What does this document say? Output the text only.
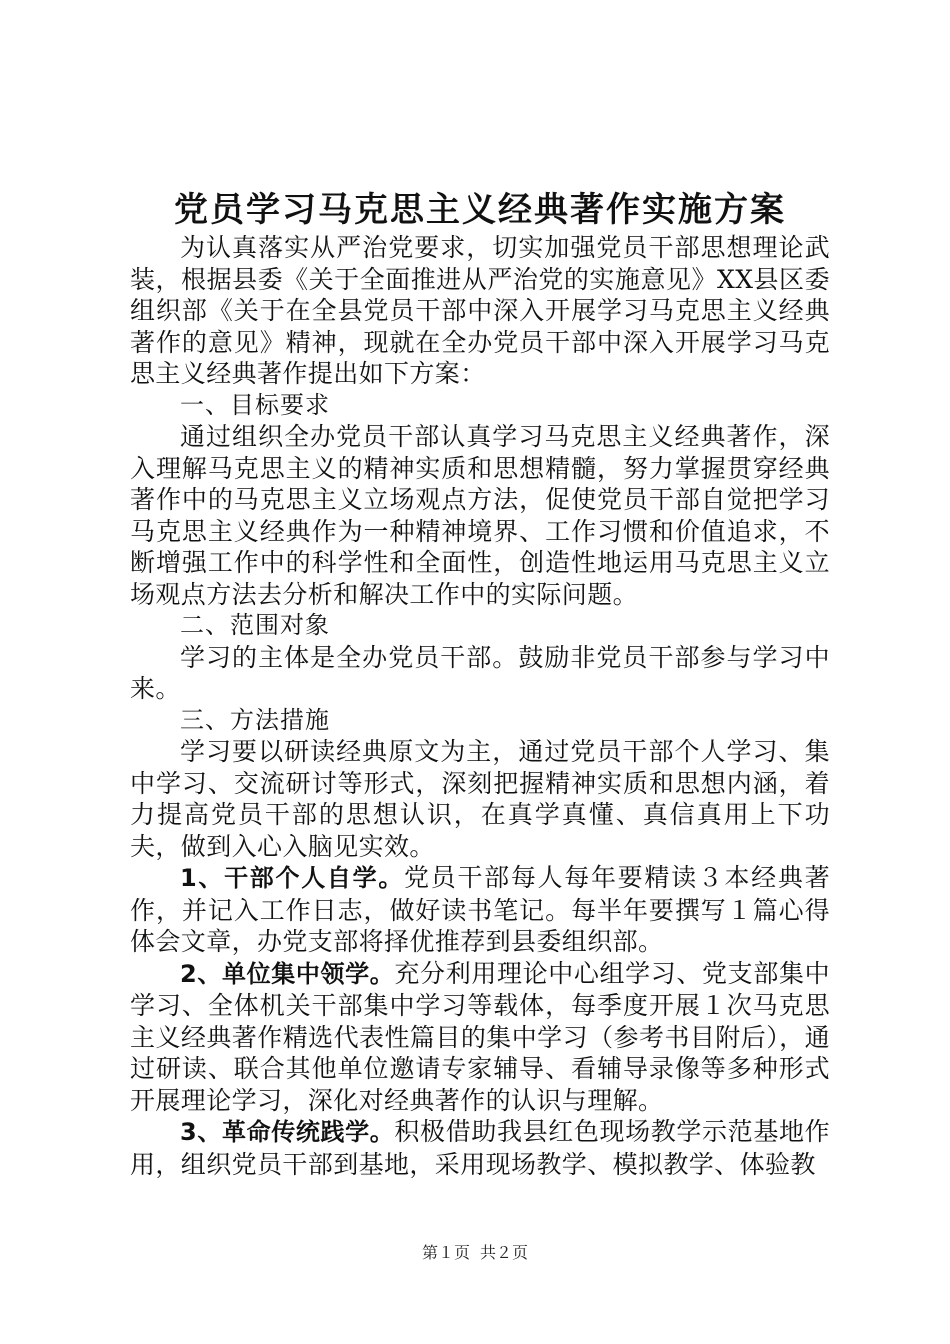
党员学习马克思主义经典著作实施方案

为认真落实从严治党要求，切实加强党员干部思想理论武装，根据县委《关于全面推进从严治党的实施意见》XX县区委组织部《关于在全县党员干部中深入开展学习马克思主义经典著作的意见》精神，现就在全办党员干部中深入开展学习马克思主义经典著作提出如下方案：

一、目标要求

通过组织全办党员干部认真学习马克思主义经典著作，深入理解马克思主义的精神实质和思想精髓，努力掌握贯穿经典著作中的马克思主义立场观点方法，促使党员干部自觉把学习马克思主义经典作为一种精神境界、工作习惯和价值追求，不断增强工作中的科学性和全面性，创造性地运用马克思主义立场观点方法去分析和解决工作中的实际问题。

二、范围对象

学习的主体是全办党员干部。鼓励非党员干部参与学习中来。

三、方法措施

学习要以研读经典原文为主，通过党员干部个人学习、集中学习、交流研讨等形式，深刻把握精神实质和思想内涵，着力提高党员干部的思想认识，在真学真懂、真信真用上下功夫，做到入心入脑见实效。

1、干部个人自学。党员干部每人每年要精读３本经典著作，并记入工作日志，做好读书笔记。每半年要撰写１篇心得体会文章，办党支部将择优推荐到县委组织部。

2、单位集中领学。充分利用理论中心组学习、党支部集中学习、全体机关干部集中学习等载体，每季度开展１次马克思主义经典著作精选代表性篇目的集中学习（参考书目附后），通过研读、联合其他单位邀请专家辅导、看辅导录像等多种形式开展理论学习，深化对经典著作的认识与理解。

3、革命传统践学。积极借助我县红色现场教学示范基地作用，组织党员干部到基地，采用现场教学、模拟教学、体验教

第１页 共２页
